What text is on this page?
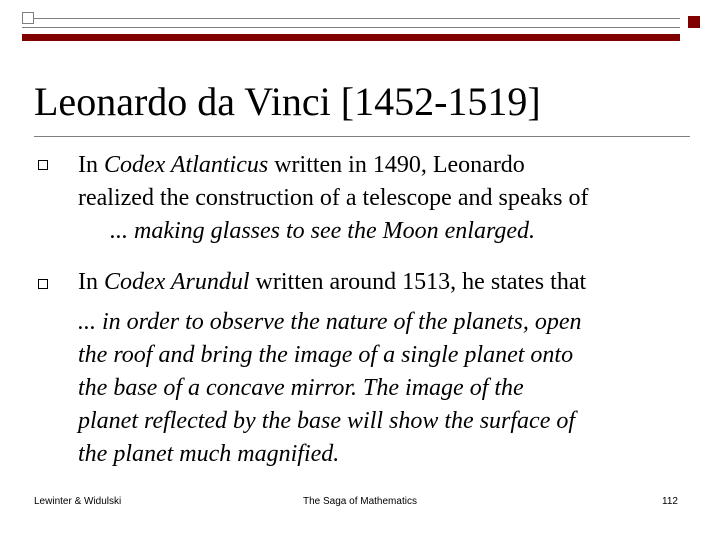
Leonardo da Vinci [1452-1519]
In Codex Atlanticus written in 1490, Leonardo
realized the construction of a telescope and speaks of
... making glasses to see the Moon enlarged.
In Codex Arundul written around 1513, he states that
... in order to observe the nature of the planets, open
the roof and bring the image of a single planet onto
the base of a concave mirror. The image of the
planet reflected by the base will show the surface of
the planet much magnified.
Lewinter & Widulski	The Saga of Mathematics	112
